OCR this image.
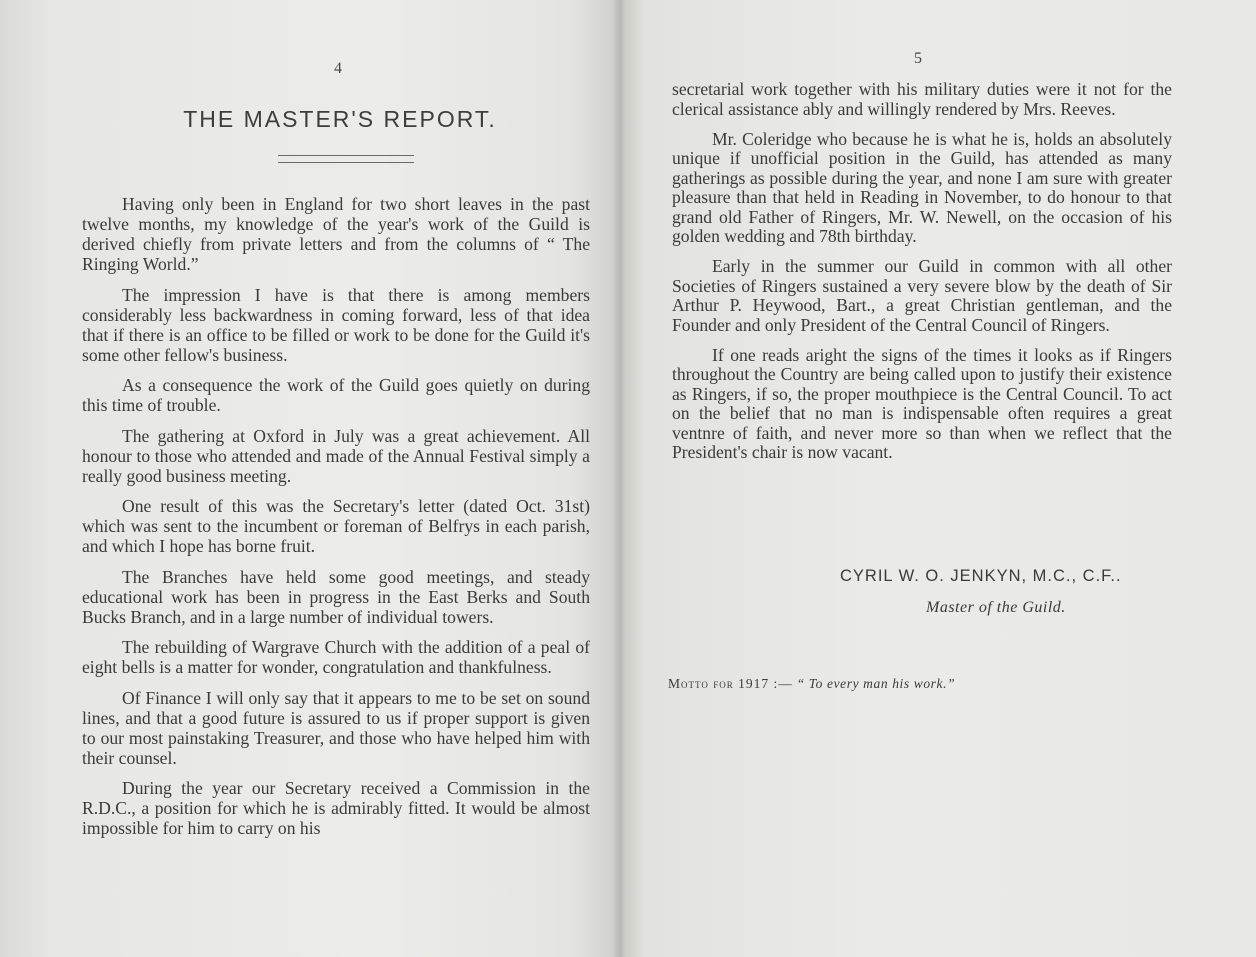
4
THE MASTER'S REPORT.

Having only been in England for two short leaves in the past twelve months, my knowledge of the year's work of the Guild is derived chiefly from private letters and from the columns of “ The Ringing World.”

The impression I have is that there is among members considerably less backwardness in coming forward, less of that idea that if there is an office to be filled or work to be done for the Guild it's some other fellow's business.

As a consequence the work of the Guild goes quietly on during this time of trouble.

The gathering at Oxford in July was a great achievement. All honour to those who attended and made of the Annual Festival simply a really good business meeting.

One result of this was the Secretary's letter (dated Oct. 31st) which was sent to the incumbent or foreman of Belfrys in each parish, and which I hope has borne fruit.

The Branches have held some good meetings, and steady educational work has been in progress in the East Berks and South Bucks Branch, and in a large number of individual towers.

The rebuilding of Wargrave Church with the addition of a peal of eight bells is a matter for wonder, congratulation and thankfulness.

Of Finance I will only say that it appears to me to be set on sound lines, and that a good future is assured to us if proper support is given to our most painstaking Treasurer, and those who have helped him with their counsel.

During the year our Secretary received a Commission in the R.D.C., a position for which he is admirably fitted. It would be almost impossible for him to carry on his

5

secretarial work together with his military duties were it not for the clerical assistance ably and willingly rendered by Mrs. Reeves.

Mr. Coleridge who because he is what he is, holds an absolutely unique if unofficial position in the Guild, has attended as many gatherings as possible during the year, and none I am sure with greater pleasure than that held in Reading in November, to do honour to that grand old Father of Ringers, Mr. W. Newell, on the occasion of his golden wedding and 78th birthday.

Early in the summer our Guild in common with all other Societies of Ringers sustained a very severe blow by the death of Sir Arthur P. Heywood, Bart., a great Christian gentleman, and the Founder and only President of the Central Council of Ringers.

If one reads aright the signs of the times it looks as if Ringers throughout the Country are being called upon to justify their existence as Ringers, if so, the proper mouthpiece is the Central Council. To act on the belief that no man is indispensable often requires a great ventnre of faith, and never more so than when we reflect that the President's chair is now vacant.

CYRIL W. O. JENKYN, M.C., C.F..
Master of the Guild.
Motto for 1917 :— “ To every man his work.”
